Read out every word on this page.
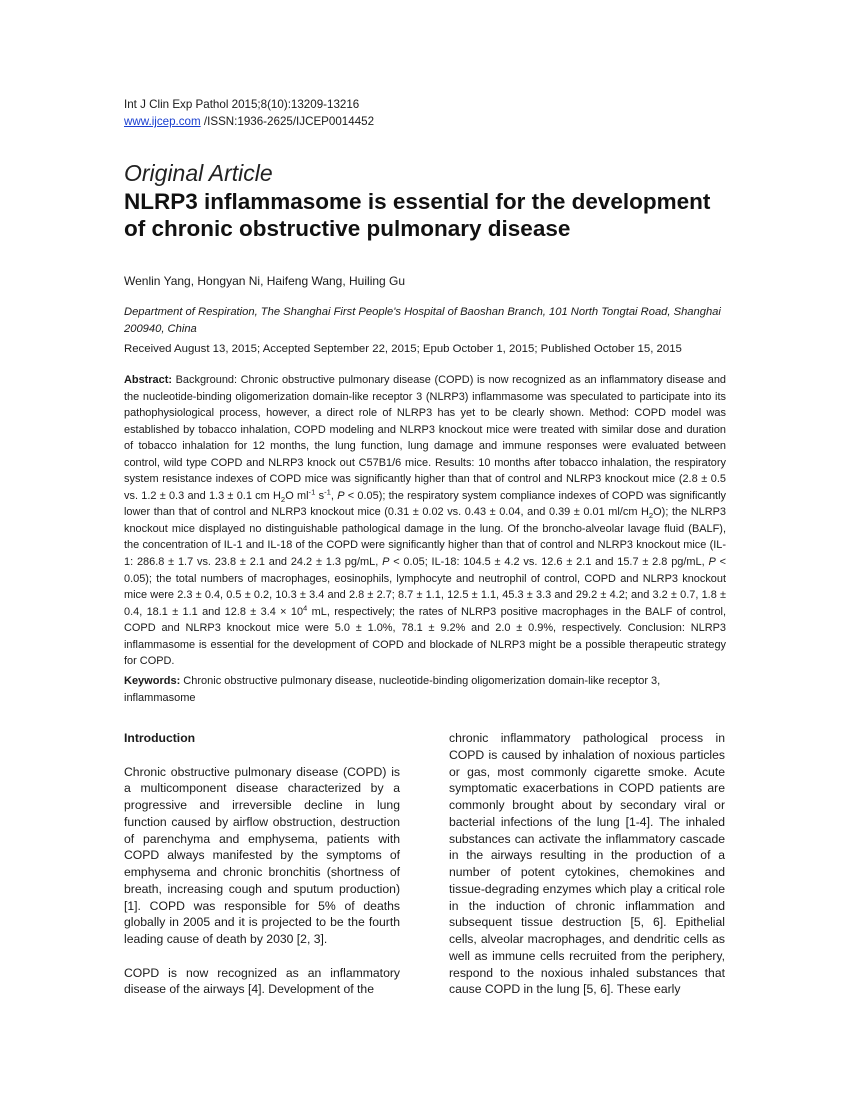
Int J Clin Exp Pathol 2015;8(10):13209-13216
www.ijcep.com /ISSN:1936-2625/IJCEP0014452
Original Article
NLRP3 inflammasome is essential for the development of chronic obstructive pulmonary disease
Wenlin Yang, Hongyan Ni, Haifeng Wang, Huiling Gu
Department of Respiration, The Shanghai First People's Hospital of Baoshan Branch, 101 North Tongtai Road, Shanghai 200940, China
Received August 13, 2015; Accepted September 22, 2015; Epub October 1, 2015; Published October 15, 2015

Abstract: Background: Chronic obstructive pulmonary disease (COPD) is now recognized as an inflammatory disease and the nucleotide-binding oligomerization domain-like receptor 3 (NLRP3) inflammasome was speculated to participate into its pathophysiological process, however, a direct role of NLRP3 has yet to be clearly shown. Method: COPD model was established by tobacco inhalation, COPD modeling and NLRP3 knockout mice were treated with similar dose and duration of tobacco inhalation for 12 months, the lung function, lung damage and immune responses were evaluated between control, wild type COPD and NLRP3 knock out C57B1/6 mice. Results: 10 months after tobacco inhalation, the respiratory system resistance indexes of COPD mice was significantly higher than that of control and NLRP3 knockout mice (2.8 ± 0.5 vs. 1.2 ± 0.3 and 1.3 ± 0.1 cm $H_2O$ $ml^{-1}$ $s^{-1}$, P < 0.05); the respiratory system compliance indexes of COPD was significantly lower than that of control and NLRP3 knockout mice (0.31 ± 0.02 vs. 0.43 ± 0.04, and 0.39 ± 0.01 ml/cm $H_2O$); the NLRP3 knockout mice displayed no distinguishable pathological damage in the lung. Of the broncho-alveolar lavage fluid (BALF), the concentration of IL-1 and IL-18 of the COPD were significantly higher than that of control and NLRP3 knockout mice (IL-1: 286.8 ± 1.7 vs. 23.8 ± 2.1 and 24.2 ± 1.3 pg/mL, P < 0.05; IL-18: 104.5 ± 4.2 vs. 12.6 ± 2.1 and 15.7 ± 2.8 pg/mL, P < 0.05); the total numbers of macrophages, eosinophils, lymphocyte and neutrophil of control, COPD and NLRP3 knockout mice were 2.3 ± 0.4, 0.5 ± 0.2, 10.3 ± 3.4 and 2.8 ± 2.7; 8.7 ± 1.1, 12.5 ± 1.1, 45.3 ± 3.3 and 29.2 ± 4.2; and 3.2 ± 0.7, 1.8 ± 0.4, 18.1 ± 1.1 and $12.8 \pm 3.4 \times 10^4$ mL, respectively; the rates of NLRP3 positive macrophages in the BALF of control, COPD and NLRP3 knockout mice were 5.0 ± 1.0%, 78.1 ± 9.2% and 2.0 ± 0.9%, respectively. Conclusion: NLRP3 inflammasome is essential for the development of COPD and blockade of NLRP3 might be a possible therapeutic strategy for COPD.

Keywords: Chronic obstructive pulmonary disease, nucleotide-binding oligomerization domain-like receptor 3, inflammasome

Introduction

Chronic obstructive pulmonary disease (COPD) is a multicomponent disease characterized by a progressive and irreversible decline in lung function caused by airflow obstruction, destruction of parenchyma and emphysema, patients with COPD always manifested by the symptoms of emphysema and chronic bronchitis (shortness of breath, increasing cough and sputum production) [1]. COPD was responsible for 5% of deaths globally in 2005 and it is projected to be the fourth leading cause of death by 2030 [2, 3].

COPD is now recognized as an inflammatory disease of the airways [4]. Development of the

chronic inflammatory pathological process in COPD is caused by inhalation of noxious particles or gas, most commonly cigarette smoke. Acute symptomatic exacerbations in COPD patients are commonly brought about by secondary viral or bacterial infections of the lung [1-4]. The inhaled substances can activate the inflammatory cascade in the airways resulting in the production of a number of potent cytokines, chemokines and tissue-degrading enzymes which play a critical role in the induction of chronic inflammation and subsequent tissue destruction [5, 6]. Epithelial cells, alveolar macrophages, and dendritic cells as well as immune cells recruited from the periphery, respond to the noxious inhaled substances that cause COPD in the lung [5, 6]. These early
